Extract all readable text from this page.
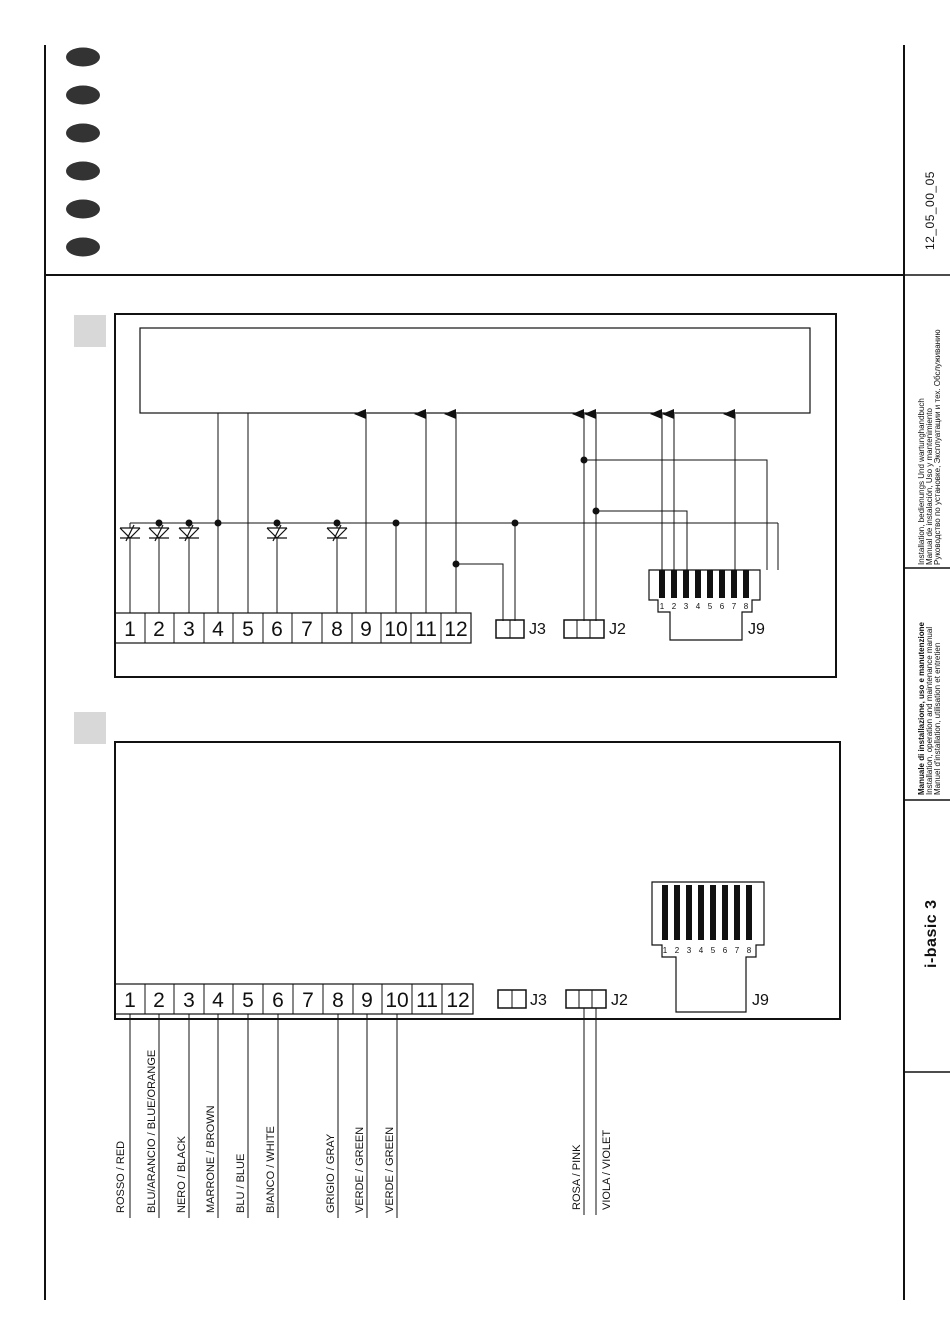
12_05_00_05
Installation, bedienungs Und wartunghandbuch Manual de instalación, Uso y mantenimiento Руководство по установке, Эксплуатации и тех. Обслуживанию
Manuale di installazione, uso e manutenzione Installation, operation and maintenance manual Manuel d'installation, utilisation et entretien
i-basic 3
1 2 3 4 5 6 7 8 9 10 11 12	J3	J2
1 2 3 4 5 6 7 8
J9
1 2 3 4 5 6 7 8 9 10 11 12	J3	J2
1 2 3 4 5 6 7 8
J9
ROSSO / RED BLU/ARANCIO / BLUE/ORANGE NERO / BLACK MARRONE / BROWN BLU / BLUE BIANCO / WHITE	GRIGIO / GRAY VERDE / GREEN VERDE / GREEN	ROSA / PINK VIOLA / VIOLET
